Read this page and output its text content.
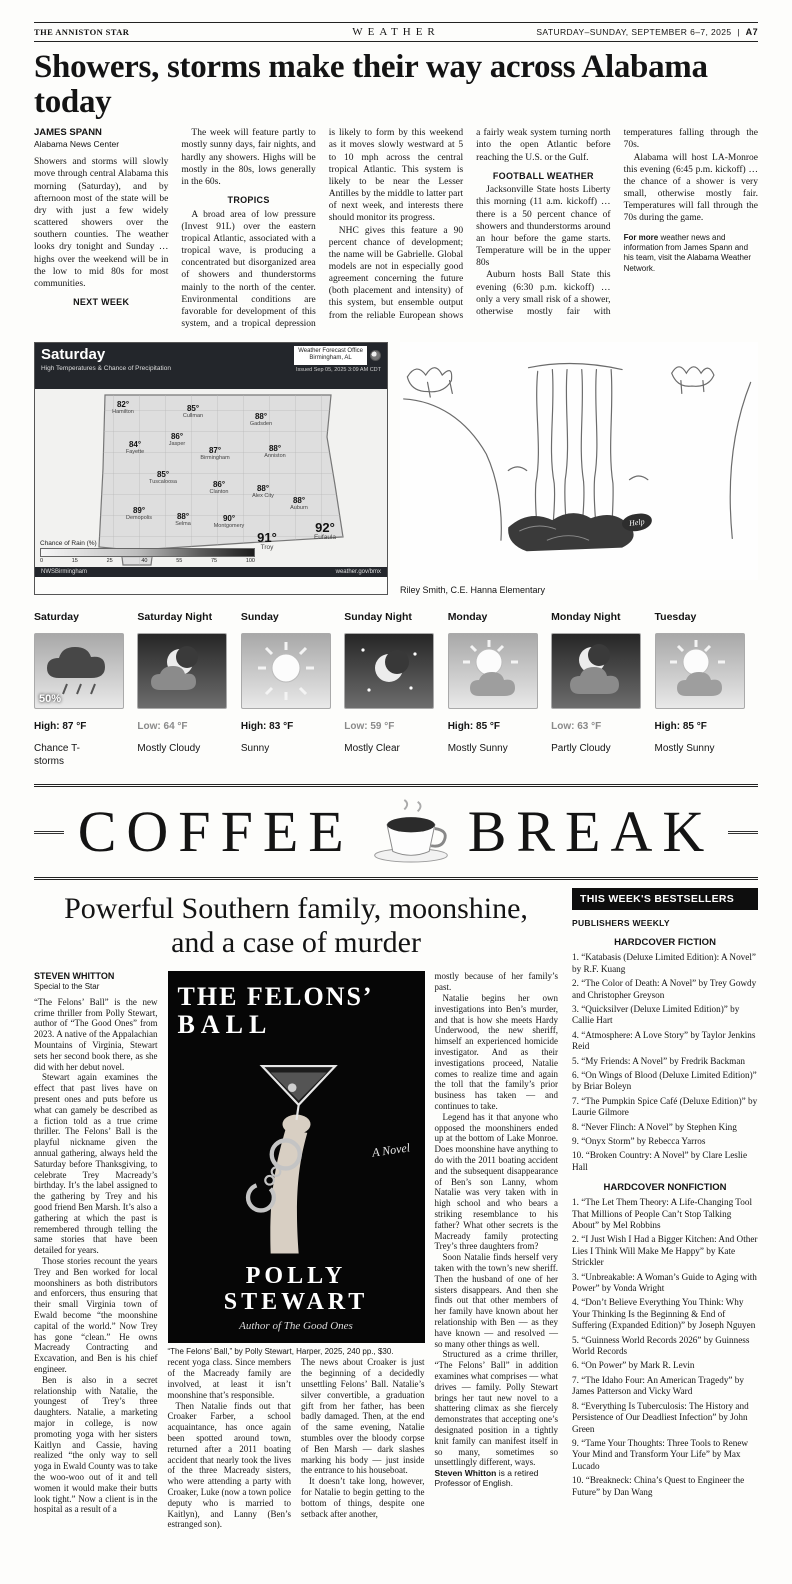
THE ANNISTON STAR	WEATHER	SATURDAY–SUNDAY, SEPTEMBER 6–7, 2025 | A7
Showers, storms make their way across Alabama today
JAMES SPANN
Alabama News Center

Showers and storms will slowly move through central Alabama this morning (Saturday), and by afternoon most of the state will be dry with just a few widely scattered showers over the southern counties. The weather looks dry tonight and Sunday … highs over the weekend will be in the low to mid 80s for most communities.

NEXT WEEK

The week will feature partly to mostly sunny days, fair nights, and hardly any showers. Highs will be mostly in the 80s, lows generally in the 60s.

TROPICS

A broad area of low pressure (Invest 91L) over the eastern tropical Atlantic, associated with a tropical wave, is producing a concentrated but disorganized area of showers and thunderstorms mainly to the north of the center. Environmental conditions are favorable for development of this system, and a tropical depression is likely to form by this weekend as it moves slowly westward at 5 to 10 mph across the central tropical Atlantic. This system is likely to be near the Lesser Antilles by the middle to latter part of next week, and interests there should monitor its progress.

NHC gives this feature a 90 percent chance of development; the name will be Gabrielle. Global models are not in especially good agreement concerning the future (both placement and intensity) of this system, but ensemble output from the reliable European shows a fairly weak system turning north into the open Atlantic before reaching the U.S. or the Gulf.

FOOTBALL WEATHER

Jacksonville State hosts Liberty this morning (11 a.m. kickoff) … there is a 50 percent chance of showers and thunderstorms around an hour before the game starts. Temperature will be in the upper 80s

Auburn hosts Ball State this evening (6:30 p.m. kickoff) … only a very small risk of a shower, otherwise mostly fair with temperatures falling through the 70s.

Alabama will host LA-Monroe this evening (6:45 p.m. kickoff) … the chance of a shower is very small, otherwise mostly fair. Temperatures will fall through the 70s during the game.

For more weather news and information from James Spann and his team, visit the Alabama Weather Network.

Saturday
High Temperatures & Chance of Precipitation
Weather Forecast Office
Birmingham, AL
Issued Sep 05, 2025 3:09 AM CDT
82°
Hamilton	85°
Cullman	88°
Gadsden
84°
Fayette
86°
Jasper
87°
Birmingham
88°
Anniston
85°
Tuscaloosa	86°
Clanton	88°
Alex City	88°
Auburn
89°
Demopolis	88°
Selma
90°
Montgomery
91°
Troy
92°
Eufaula
Chance of Rain (%)
0	15	25	40	55	75	100
NWSBirmingham	weather.gov/bmx
Help
Riley Smith, C.E. Hanna Elementary
Saturday
50%
High: 87 °F
Chance T-storms
Saturday Night
Low: 64 °F
Mostly Cloudy
Sunday
High: 83 °F
Sunny
Sunday Night
Low: 59 °F
Mostly Clear
Monday
High: 85 °F
Mostly Sunny
Monday Night
Low: 63 °F
Partly Cloudy
Tuesday
High: 85 °F
Mostly Sunny
COFFEE BREAK
Powerful Southern family, moonshine, and a case of murder
STEVEN WHITTON
Special to the Star

“The Felons’ Ball” is the new crime thriller from Polly Stewart, author of “The Good Ones” from 2023. A native of the Appalachian Mountains of Virginia, Stewart sets her second book there, as she did with her debut novel.

Stewart again examines the effect that past lives have on present ones and puts before us what can gamely be described as a fiction told as a true crime thriller. The Felons’ Ball is the playful nickname given the annual gathering, always held the Saturday before Thanksgiving, to celebrate Trey Macready’s birthday. It’s the label assigned to the gathering by Trey and his good friend Ben Marsh. It’s also a gathering at which the past is remembered through telling the same stories that have been detailed for years.

Those stories recount the years Trey and Ben worked for local moonshiners as both distributors and enforcers, thus ensuring that their small Virginia town of Ewald become “the moonshine capital of the world.” Now Trey has gone “clean.” He owns Macready Contracting and Excavation, and Ben is his chief engineer.

Ben is also in a secret relationship with Natalie, the youngest of Trey’s three daughters. Natalie, a marketing major in college, is now promoting yoga with her sisters Kaitlyn and Cassie, having realized “the only way to sell yoga in Ewald County was to take the woo-woo out of it and tell women it would make their butts look tight.” Now a client is in the hospital as a result of a

THE FELONS’
BALL
A Novel
POLLY
STEWART
Author of The Good Ones
“The Felons’ Ball,” by Polly Stewart, Harper, 2025, 240 pp., $30.

recent yoga class. Since members of the Macready family are involved, at least it isn’t moonshine that’s responsible.

Then Natalie finds out that Croaker Farber, a school acquaintance, has once again been spotted around town, returned after a 2011 boating accident that nearly took the lives of the three Macready sisters, who were attending a party with Croaker, Luke (now a town police deputy who is married to Kaitlyn), and Lanny (Ben’s estranged son).

The news about Croaker is just the beginning of a decidedly unsettling Felons’ Ball. Natalie’s silver convertible, a graduation gift from her father, has been badly damaged. Then, at the end of the same evening, Natalie stumbles over the bloody corpse of Ben Marsh — dark slashes marking his body — just inside the entrance to his houseboat.

It doesn’t take long, however, for Natalie to begin getting to the bottom of things, despite one setback after another,

mostly because of her family’s past.

Natalie begins her own investigations into Ben’s murder, and that is how she meets Hardy Underwood, the new sheriff, himself an experienced homicide investigator. And as their investigations proceed, Natalie comes to realize time and again the toll that the family’s prior business has taken — and continues to take.

Legend has it that anyone who opposed the moonshiners ended up at the bottom of Lake Monroe. Does moonshine have anything to do with the 2011 boating accident and the subsequent disappearance of Ben’s son Lanny, whom Natalie was very taken with in high school and who bears a striking resemblance to his father? What other secrets is the Macready family protecting Trey’s three daughters from?

Soon Natalie finds herself very taken with the town’s new sheriff. Then the husband of one of her sisters disappears. And then she finds out that other members of her family have known about her relationship with Ben — as they have known — and resolved — so many other things as well.

Structured as a crime thriller, “The Felons’ Ball” in addition examines what comprises — what drives — family. Polly Stewart brings her taut new novel to a shattering climax as she fiercely demonstrates that accepting one’s designated position in a tightly knit family can manifest itself in so many, sometimes so unsettlingly different, ways.

Steven Whitton is a retired Professor of English.

THIS WEEK'S BESTSELLERS
PUBLISHERS WEEKLY
HARDCOVER FICTION
1. “Katabasis (Deluxe Limited Edition): A Novel” by R.F. Kuang
2. “The Color of Death: A Novel” by Trey Gowdy and Christopher Greyson
3. “Quicksilver (Deluxe Limited Edition)” by Callie Hart
4. “Atmosphere: A Love Story” by Taylor Jenkins Reid
5. “My Friends: A Novel” by Fredrik Backman
6. “On Wings of Blood (Deluxe Limited Edition)” by Briar Boleyn
7. “The Pumpkin Spice Café (Deluxe Edition)” by Laurie Gilmore
8. “Never Flinch: A Novel” by Stephen King
9. “Onyx Storm” by Rebecca Yarros
10. “Broken Country: A Novel” by Clare Leslie Hall
HARDCOVER NONFICTION
1. “The Let Them Theory: A Life-Changing Tool That Millions of People Can’t Stop Talking About” by Mel Robbins
2. “I Just Wish I Had a Bigger Kitchen: And Other Lies I Think Will Make Me Happy” by Kate Strickler
3. “Unbreakable: A Woman’s Guide to Aging with Power” by Vonda Wright
4. “Don’t Believe Everything You Think: Why Your Thinking Is the Beginning & End of Suffering (Expanded Edition)” by Joseph Nguyen
5. “Guinness World Records 2026” by Guinness World Records
6. “On Power” by Mark R. Levin
7. “The Idaho Four: An American Tragedy” by James Patterson and Vicky Ward
8. “Everything Is Tuberculosis: The History and Persistence of Our Deadliest Infection” by John Green
9. “Tame Your Thoughts: Three Tools to Renew Your Mind and Transform Your Life” by Max Lucado
10. “Breakneck: China’s Quest to Engineer the Future” by Dan Wang
